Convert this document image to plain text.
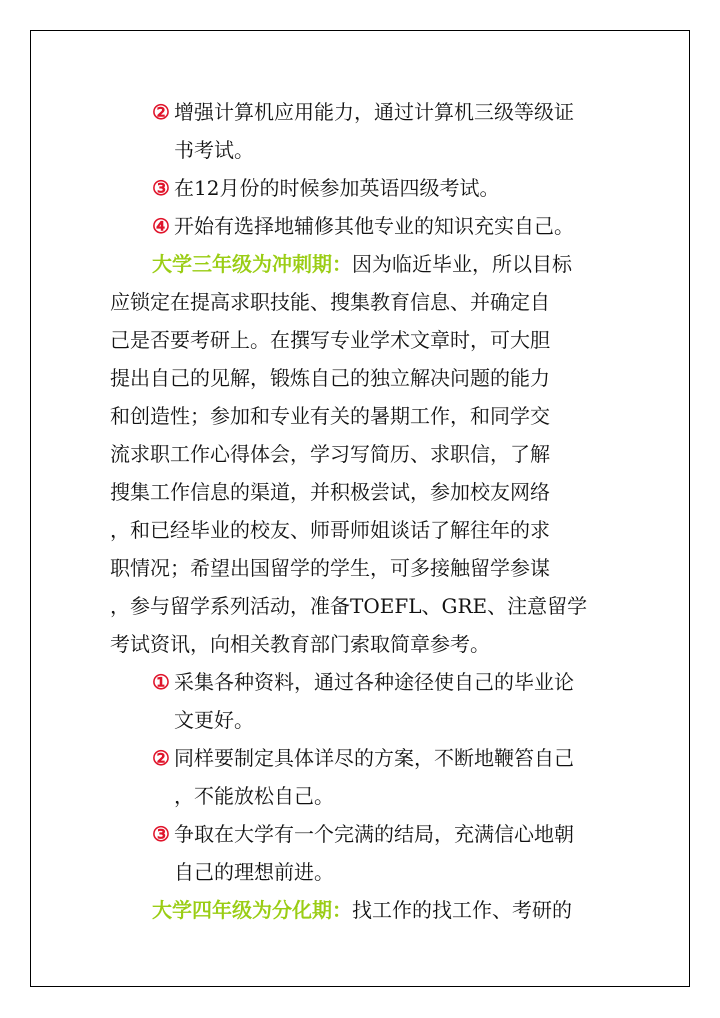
② 增强计算机应用能力，通过计算机三级等级证
书考试。
③ 在12月份的时候参加英语四级考试。
④ 开始有选择地辅修其他专业的知识充实自己。
大学三年级为冲刺期：因为临近毕业，所以目标
应锁定在提高求职技能、搜集教育信息、并确定自
己是否要考研上。在撰写专业学术文章时，可大胆
提出自己的见解，锻炼自己的独立解决问题的能力
和创造性；参加和专业有关的暑期工作，和同学交
流求职工作心得体会，学习写简历、求职信，了解
搜集工作信息的渠道，并积极尝试，参加校友网络
，和已经毕业的校友、师哥师姐谈话了解往年的求
职情况；希望出国留学的学生，可多接触留学参谋
，参与留学系列活动，准备TOEFL、GRE、注意留学
考试资讯，向相关教育部门索取简章参考。
① 采集各种资料，通过各种途径使自己的毕业论
文更好。
② 同样要制定具体详尽的方案，不断地鞭笞自己
，不能放松自己。
③ 争取在大学有一个完满的结局，充满信心地朝
自己的理想前进。
大学四年级为分化期：找工作的找工作、考研的
